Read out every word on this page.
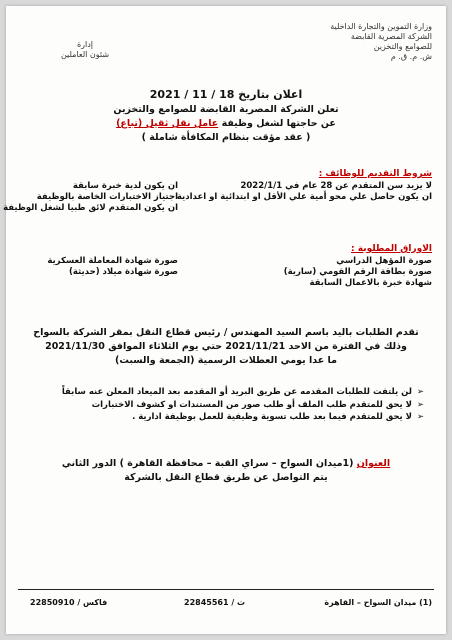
وزارة التموين والتجارة الداخلية
الشركة المصرية القابضة
للصوامع والتخزين
ش. م. ق. م
إدارة
شئون العاملين
اعلان بتاريخ 18 / 11 / 2021
تعلن الشركة المصرية القابضة للصوامع والتخزين
عن حاجتها لشغل وظيفة عامل نقل ثقيل (تباع)
( عقد مؤقت بنظام المكافأة شاملة )
شروط التقديم للوظائف :
لا يزيد سن المتقدم عن 28 عام في 2022/1/1
ان يكون حاصل علي محو أمية علي الأقل او ابتدائية او اعدادية
ان يكون لدية خبرة سابقة
اجتياز الاختبارات الخاصة بالوظيفة
ان يكون المتقدم لائق طبيا لشغل الوظيفة
الاوراق المطلوبة :
صورة المؤهل الدراسي
صورة بطاقة الرقم القومي (سارية)
شهادة خبرة بالاعمال السابقة
صورة شهادة المعاملة العسكرية
صورة شهادة ميلاد (حديثة)
تقدم الطلبات باليد باسم السيد المهندس / رئيس قطاع النقل بمقر الشركة بالسواح
وذلك في الفترة من الاحد 2021/11/21 حتي يوم الثلاثاء الموافق 2021/11/30
ما عدا يومي العطلات الرسمية (الجمعة والسبت)
➢
لن يلتفت للطلبات المقدمه عن طريق البريد أو المقدمه بعد الميعاد المعلن عنه سابقاً
➢
لا يحق للمتقدم طلب الملف أو طلب صور من المستندات او كشوف الاختبارات
➢
لا يحق للمتقدم فيما بعد طلب تسوية وظيفية للعمل بوظيفة ادارية .
العنوان (1ميدان السواح – سراي القبة – محافظة القاهرة ) الدور الثاني
يتم التواصل عن طريق قطاع النقل بالشركة
(1) ميدان السواح – القاهرة
ت / 22845561
فاكس / 22850910
